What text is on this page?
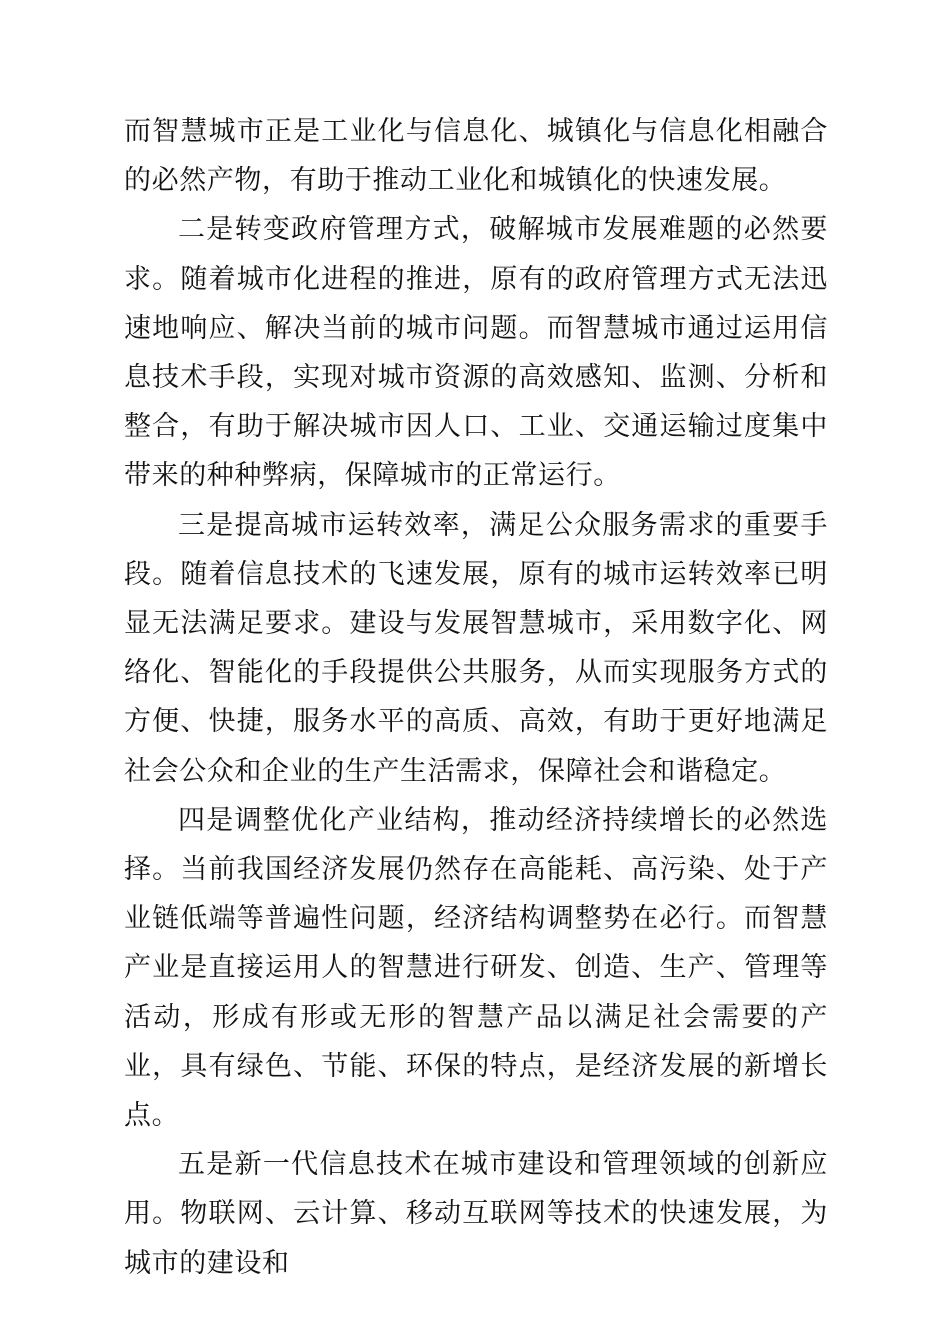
而智慧城市正是工业化与信息化、城镇化与信息化相融合的必然产物，有助于推动工业化和城镇化的快速发展。

二是转变政府管理方式，破解城市发展难题的必然要求。随着城市化进程的推进，原有的政府管理方式无法迅速地响应、解决当前的城市问题。而智慧城市通过运用信息技术手段，实现对城市资源的高效感知、监测、分析和整合，有助于解决城市因人口、工业、交通运输过度集中带来的种种弊病，保障城市的正常运行。

三是提高城市运转效率，满足公众服务需求的重要手段。随着信息技术的飞速发展，原有的城市运转效率已明显无法满足要求。建设与发展智慧城市，采用数字化、网络化、智能化的手段提供公共服务，从而实现服务方式的方便、快捷，服务水平的高质、高效，有助于更好地满足社会公众和企业的生产生活需求，保障社会和谐稳定。

四是调整优化产业结构，推动经济持续增长的必然选择。当前我国经济发展仍然存在高能耗、高污染、处于产业链低端等普遍性问题，经济结构调整势在必行。而智慧产业是直接运用人的智慧进行研发、创造、生产、管理等活动，形成有形或无形的智慧产品以满足社会需要的产业，具有绿色、节能、环保的特点，是经济发展的新增长点。

五是新一代信息技术在城市建设和管理领域的创新应用。物联网、云计算、移动互联网等技术的快速发展，为城市的建设和
